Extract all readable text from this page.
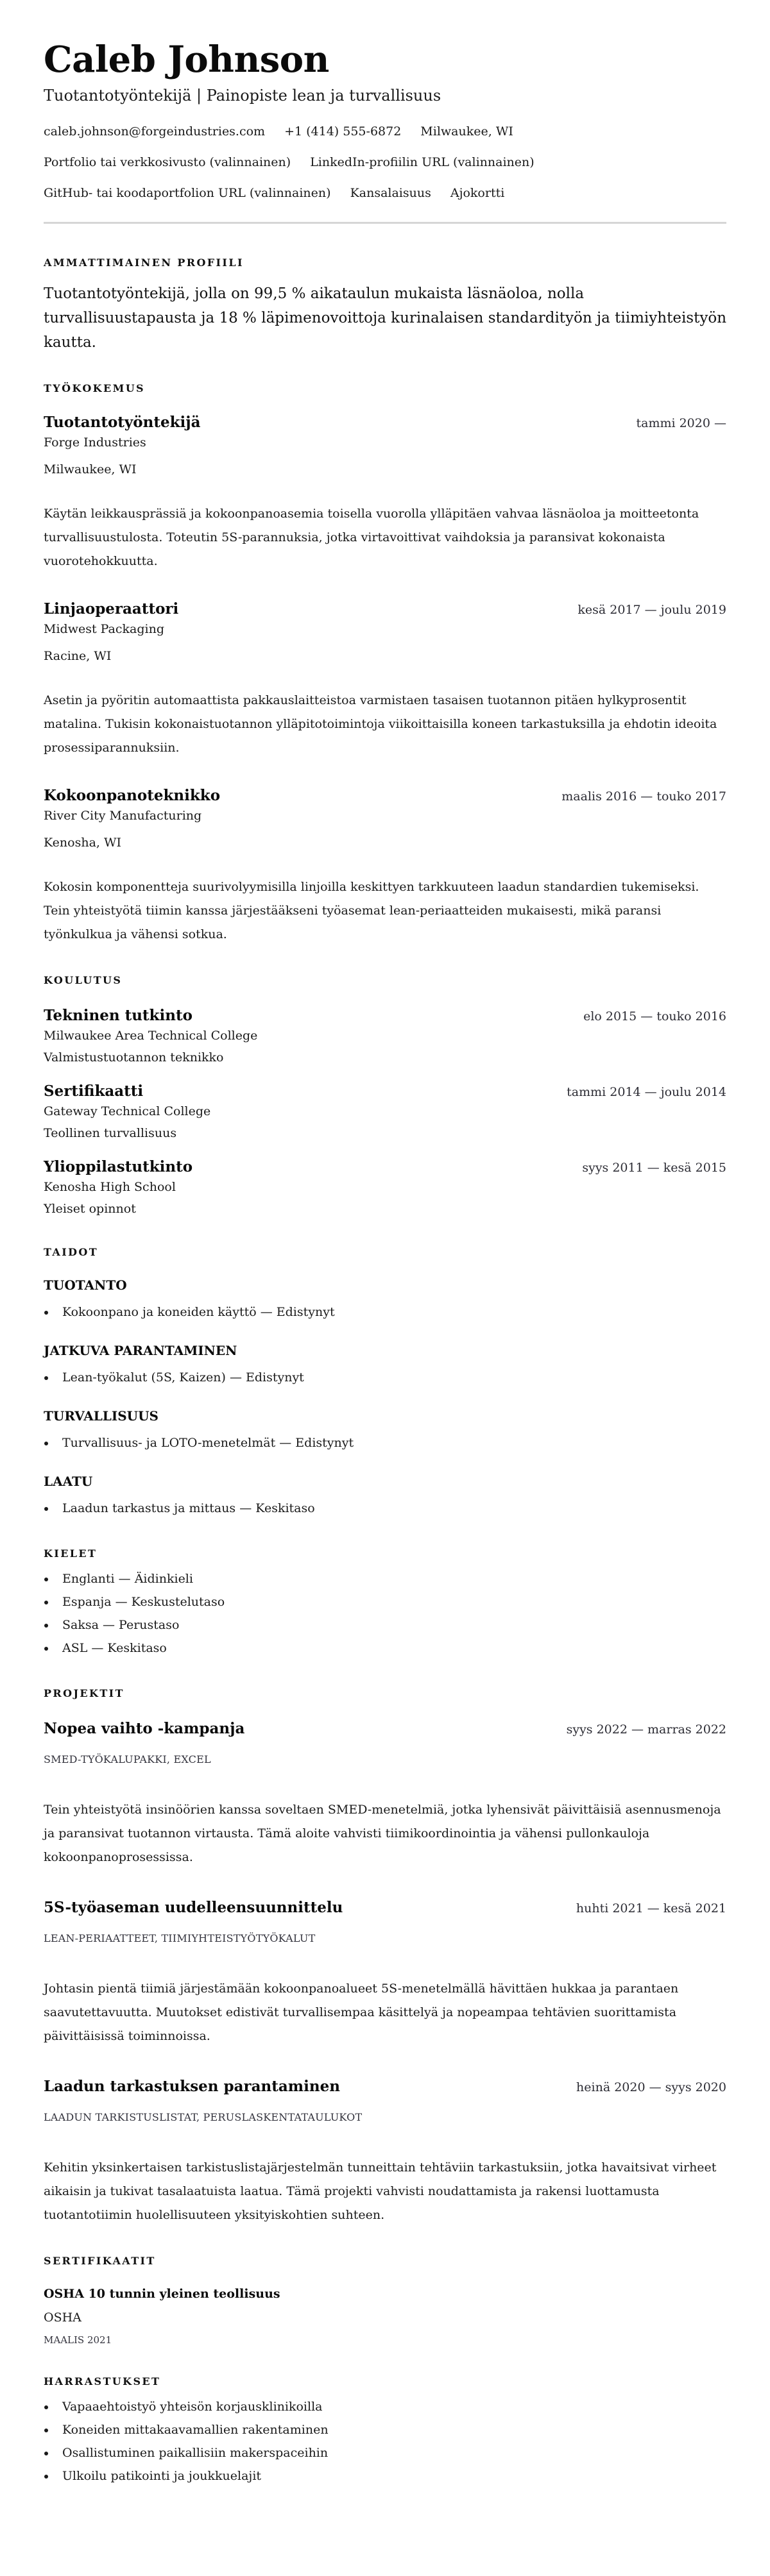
Caleb Johnson
Tuotantotyöntekijä | Painopiste lean ja turvallisuus
caleb.johnson@forgeindustries.com +1 (414) 555-6872 Milwaukee, WI
Portfolio tai verkkosivusto (valinnainen) LinkedIn-profiilin URL (valinnainen)
GitHub- tai koodaportfolion URL (valinnainen) Kansalaisuus Ajokortti
AMMATTIMAINEN PROFIILI

Tuotantotyöntekijä, jolla on 99,5 % aikataulun mukaista läsnäoloa, nolla turvallisuustapausta ja 18 % läpimenovoittoja kurinalaisen standardityön ja tiimiyhteistyön kautta.

TYÖKOKEMUS
Tuotantotyöntekijä	tammi 2020 —
Forge Industries
Milwaukee, WI

Käytän leikkausprässiä ja kokoonpanoasemia toisella vuorolla ylläpitäen vahvaa läsnäoloa ja moitteetonta turvallisuustulosta. Toteutin 5S-parannuksia, jotka virtavoittivat vaihdoksia ja paransivat kokonaista vuorotehokkuutta.

Linjaoperaattori	kesä 2017 — joulu 2019
Midwest Packaging
Racine, WI

Asetin ja pyöritin automaattista pakkauslaitteistoa varmistaen tasaisen tuotannon pitäen hylkyprosentit matalina. Tukisin kokonaistuotannon ylläpitotoimintoja viikoittaisilla koneen tarkastuksilla ja ehdotin ideoita prosessiparannuksiin.

Kokoonpanoteknikko	maalis 2016 — touko 2017
River City Manufacturing
Kenosha, WI

Kokosin komponentteja suurivolyymisilla linjoilla keskittyen tarkkuuteen laadun standardien tukemiseksi. Tein yhteistyötä tiimin kanssa järjestääkseni työasemat lean-periaatteiden mukaisesti, mikä paransi työnkulkua ja vähensi sotkua.

KOULUTUS
Tekninen tutkinto	elo 2015 — touko 2016
Milwaukee Area Technical College
Valmistustuotannon teknikko
Sertifikaatti	tammi 2014 — joulu 2014
Gateway Technical College
Teollinen turvallisuus
Ylioppilastutkinto	syys 2011 — kesä 2015
Kenosha High School
Yleiset opinnot
TAIDOT
TUOTANTO
Kokoonpano ja koneiden käyttö — Edistynyt
JATKUVA PARANTAMINEN
Lean-työkalut (5S, Kaizen) — Edistynyt
TURVALLISUUS
Turvallisuus- ja LOTO-menetelmät — Edistynyt
LAATU
Laadun tarkastus ja mittaus — Keskitaso
KIELET
Englanti — Äidinkieli
Espanja — Keskustelutaso
Saksa — Perustaso
ASL — Keskitaso
PROJEKTIT
Nopea vaihto -kampanja	syys 2022 — marras 2022
SMED-TYÖKALUPAKKI, EXCEL

Tein yhteistyötä insinöörien kanssa soveltaen SMED-menetelmiä, jotka lyhensivät päivittäisiä asennusmenoja ja paransivat tuotannon virtausta. Tämä aloite vahvisti tiimikoordinointia ja vähensi pullonkauloja kokoonpanoprosessissa.

5S-työaseman uudelleensuunnittelu	huhti 2021 — kesä 2021
LEAN-PERIAATTEET, TIIMIYHTEISTYÖTYÖKALUT

Johtasin pientä tiimiä järjestämään kokoonpanoalueet 5S-menetelmällä hävittäen hukkaa ja parantaen saavutettavuutta. Muutokset edistivät turvallisempaa käsittelyä ja nopeampaa tehtävien suorittamista päivittäisissä toiminnoissa.

Laadun tarkastuksen parantaminen	heinä 2020 — syys 2020
LAADUN TARKISTUSLISTAT, PERUSLASKENTATAULUKOT

Kehitin yksinkertaisen tarkistuslistajärjestelmän tunneittain tehtäviin tarkastuksiin, jotka havaitsivat virheet aikaisin ja tukivat tasalaatuista laatua. Tämä projekti vahvisti noudattamista ja rakensi luottamusta tuotantotiimin huolellisuuteen yksityiskohtien suhteen.

SERTIFIKAATIT
OSHA 10 tunnin yleinen teollisuus
OSHA
MAALIS 2021
HARRASTUKSET
Vapaaehtoistyö yhteisön korjausklinikoilla
Koneiden mittakaavamallien rakentaminen
Osallistuminen paikallisiin makerspaceihin
Ulkoilu patikointi ja joukkuelajit
